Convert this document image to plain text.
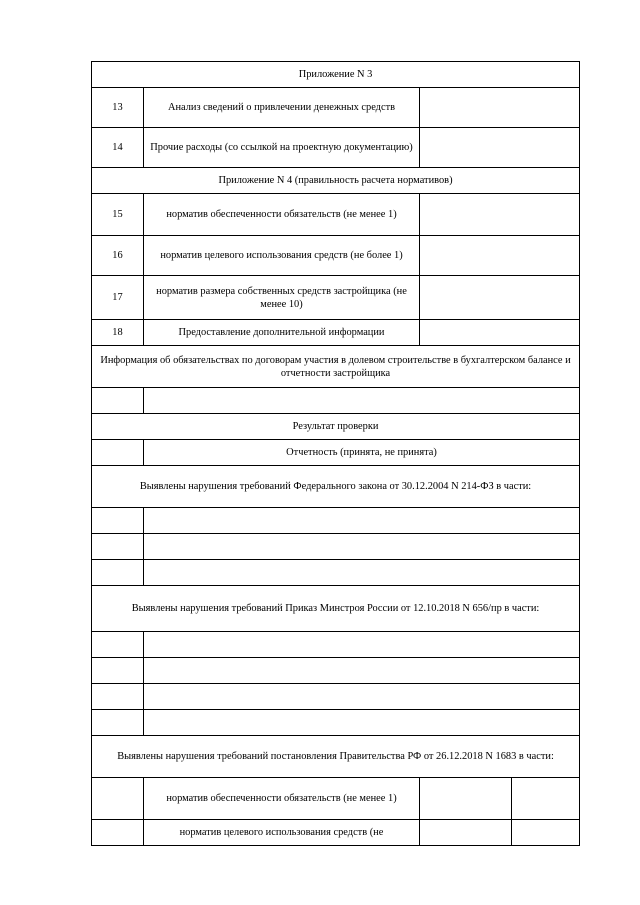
Приложение N 3			
13	Анализ сведений о привлечении денежных средств		
14	Прочие расходы (со ссылкой на проектную документацию)		
Приложение N 4 (правильность расчета нормативов)			
15	норматив обеспеченности обязательств (не менее 1)		
16	норматив целевого использования средств (не более 1)		
17	норматив размера собственных средств застройщика (не менее 10)		
18	Предоставление дополнительной информации		
Информация об обязательствах по договорам участия в долевом строительстве в бухгалтерском балансе и отчетности застройщика			

Результат проверки			
	Отчетность (принята, не принята)		
Выявлены нарушения требований Федерального закона от 30.12.2004 N 214-ФЗ в части:			

Выявлены нарушения требований Приказ Минстроя России от 12.10.2018 N 656/пр в части:			

Выявлены нарушения требований постановления Правительства РФ от 26.12.2018 N 1683 в части:			
	норматив обеспеченности обязательств (не менее 1)		
	норматив целевого использования средств (не		
